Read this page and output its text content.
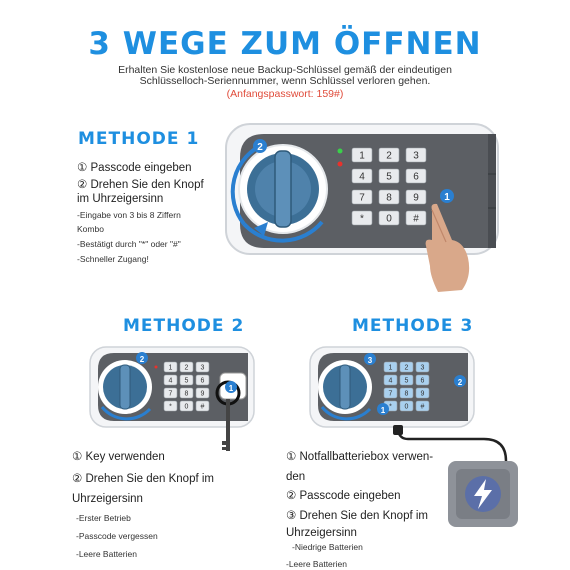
3 WEGE ZUM ÖFFNEN
Erhalten Sie kostenlose neue Backup-Schlüssel gemäß der eindeutigen
Schlüsselloch-Seriennummer, wenn Schlüssel verloren gehen.
(Anfangspasswort: 159#)
METHODE 1
① Passcode eingeben
② Drehen Sie den Knopf
im Uhrzeigersinn
-Eingabe von 3 bis 8 Ziffern
Kombo
-Bestätigt durch "*" oder "#"
-Schneller Zugang!
2
1 2 3
4 5 6
7 8 9
* 0 #
1
METHODE 2
① Key verwenden
② Drehen Sie den Knopf im
Uhrzeigersinn
-Erster Betrieb
-Passcode vergessen
-Leere Batterien
2
1 2 3
4 5 6
7 8 9
* 0 #
1
METHODE 3
① Notfallbatteriebox verwen-
den
② Passcode eingeben
③ Drehen Sie den Knopf im
Uhrzeigersinn
-Niedrige Batterien
-Leere Batterien
3
2
1 2 3
4 5 6
7 8 9
* 0 #
1
